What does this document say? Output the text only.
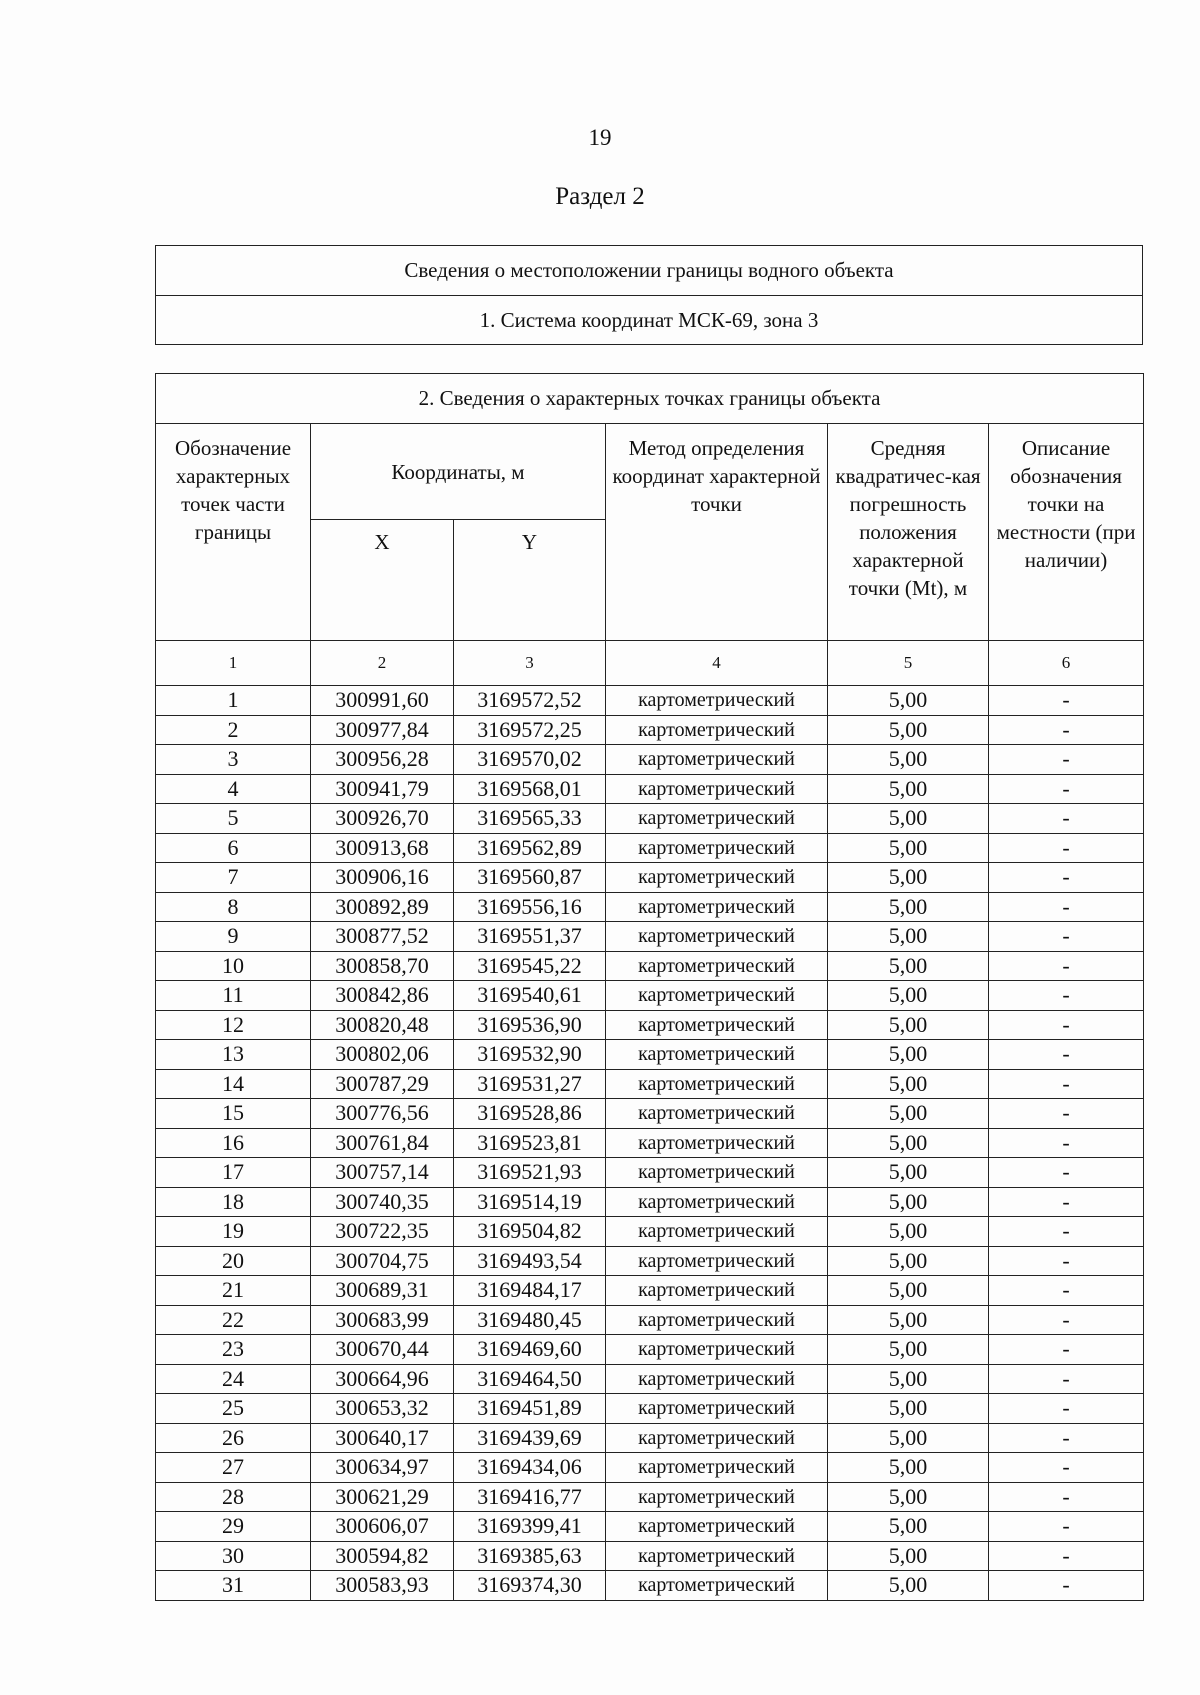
19
Раздел 2
Сведения о местоположении границы водного объекта
1. Система координат МСК-69, зона 3
2. Сведения о характерных точках границы объекта					
Обозначение характерных точек части границы	Координаты, м		Метод определения координат характерной точки	Средняя квадратичес-кая погрешность положения характерной точки (Mt), м	Описание обозначения точки на местности (при наличии)
	X	Y			
1	2	3	4	5	6
1	300991,60	3169572,52	картометрический	5,00	-
2	300977,84	3169572,25	картометрический	5,00	-
3	300956,28	3169570,02	картометрический	5,00	-
4	300941,79	3169568,01	картометрический	5,00	-
5	300926,70	3169565,33	картометрический	5,00	-
6	300913,68	3169562,89	картометрический	5,00	-
7	300906,16	3169560,87	картометрический	5,00	-
8	300892,89	3169556,16	картометрический	5,00	-
9	300877,52	3169551,37	картометрический	5,00	-
10	300858,70	3169545,22	картометрический	5,00	-
11	300842,86	3169540,61	картометрический	5,00	-
12	300820,48	3169536,90	картометрический	5,00	-
13	300802,06	3169532,90	картометрический	5,00	-
14	300787,29	3169531,27	картометрический	5,00	-
15	300776,56	3169528,86	картометрический	5,00	-
16	300761,84	3169523,81	картометрический	5,00	-
17	300757,14	3169521,93	картометрический	5,00	-
18	300740,35	3169514,19	картометрический	5,00	-
19	300722,35	3169504,82	картометрический	5,00	-
20	300704,75	3169493,54	картометрический	5,00	-
21	300689,31	3169484,17	картометрический	5,00	-
22	300683,99	3169480,45	картометрический	5,00	-
23	300670,44	3169469,60	картометрический	5,00	-
24	300664,96	3169464,50	картометрический	5,00	-
25	300653,32	3169451,89	картометрический	5,00	-
26	300640,17	3169439,69	картометрический	5,00	-
27	300634,97	3169434,06	картометрический	5,00	-
28	300621,29	3169416,77	картометрический	5,00	-
29	300606,07	3169399,41	картометрический	5,00	-
30	300594,82	3169385,63	картометрический	5,00	-
31	300583,93	3169374,30	картометрический	5,00	-
